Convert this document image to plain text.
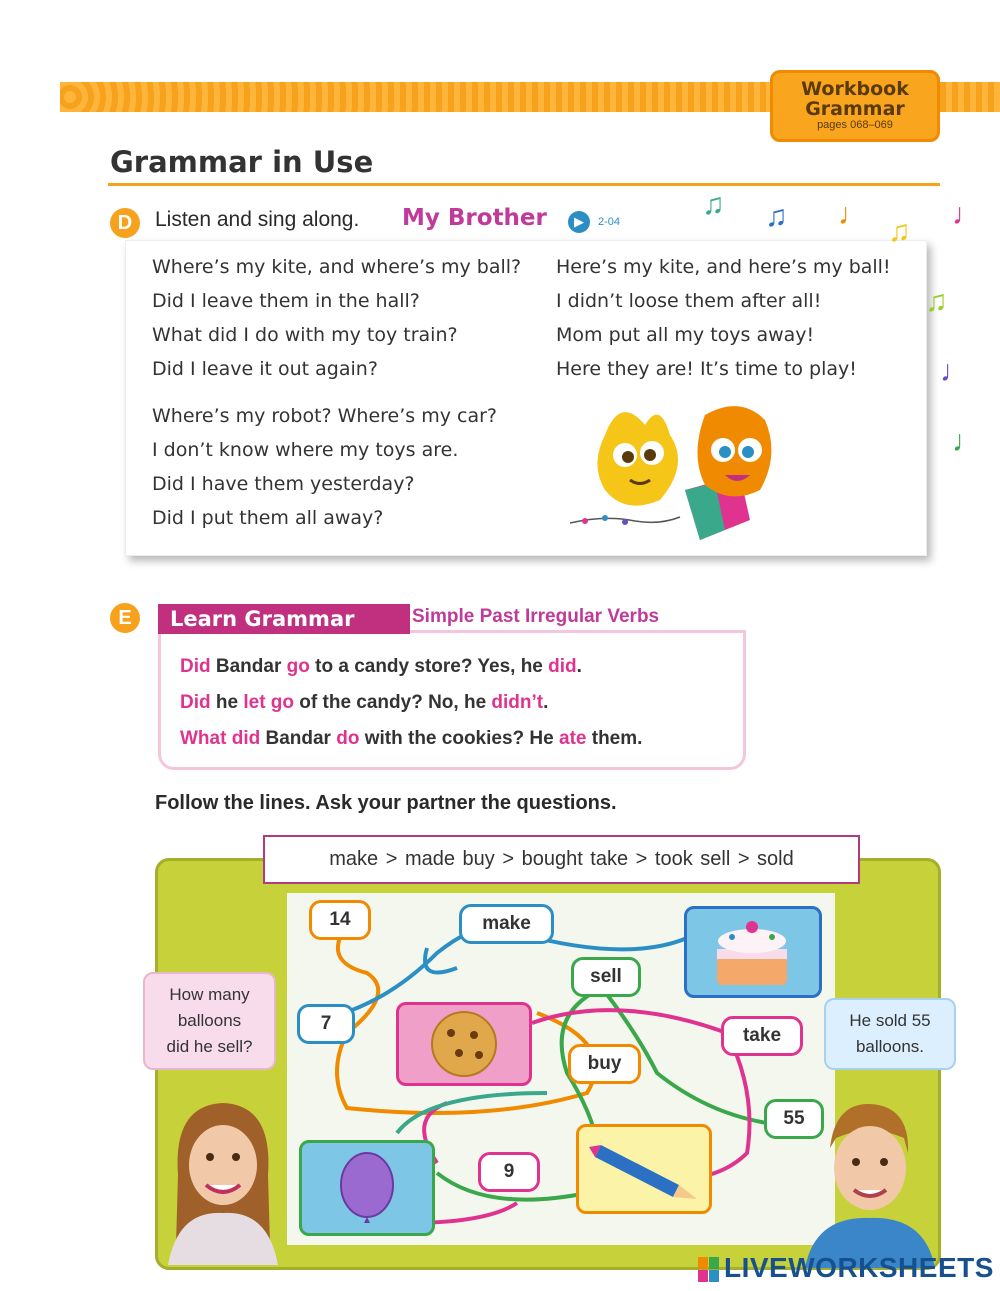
Workbook
Grammar
pages 068–069
Grammar in Use
D	Listen and sing along. My Brother	▶	2-04
Where’s my kite, and where’s my ball?
Did I leave them in the hall?
What did I do with my toy train?
Did I leave it out again?
Where’s my robot? Where’s my car?
I don’t know where my toys are.
Did I have them yesterday?
Did I put them all away?
Here’s my kite, and here’s my ball!
I didn’t loose them after all!
Mom put all my toys away!
Here they are! It’s time to play!
♫ ♫ ♩
♫
♩
♫
♩
♩
E	Learn Grammar	Simple Past Irregular Verbs
Did Bandar go to a candy store? Yes, he did.
Did he let go of the candy? No, he didn’t.
What did Bandar do with the cookies? He ate them.
Follow the lines. Ask your partner the questions.
make > made buy > bought take > took sell > sold
14	make
sell
7
take
buy
55
9
How many
balloons
did he sell?
He sold 55
balloons.
LIVEWORKSHEETS
